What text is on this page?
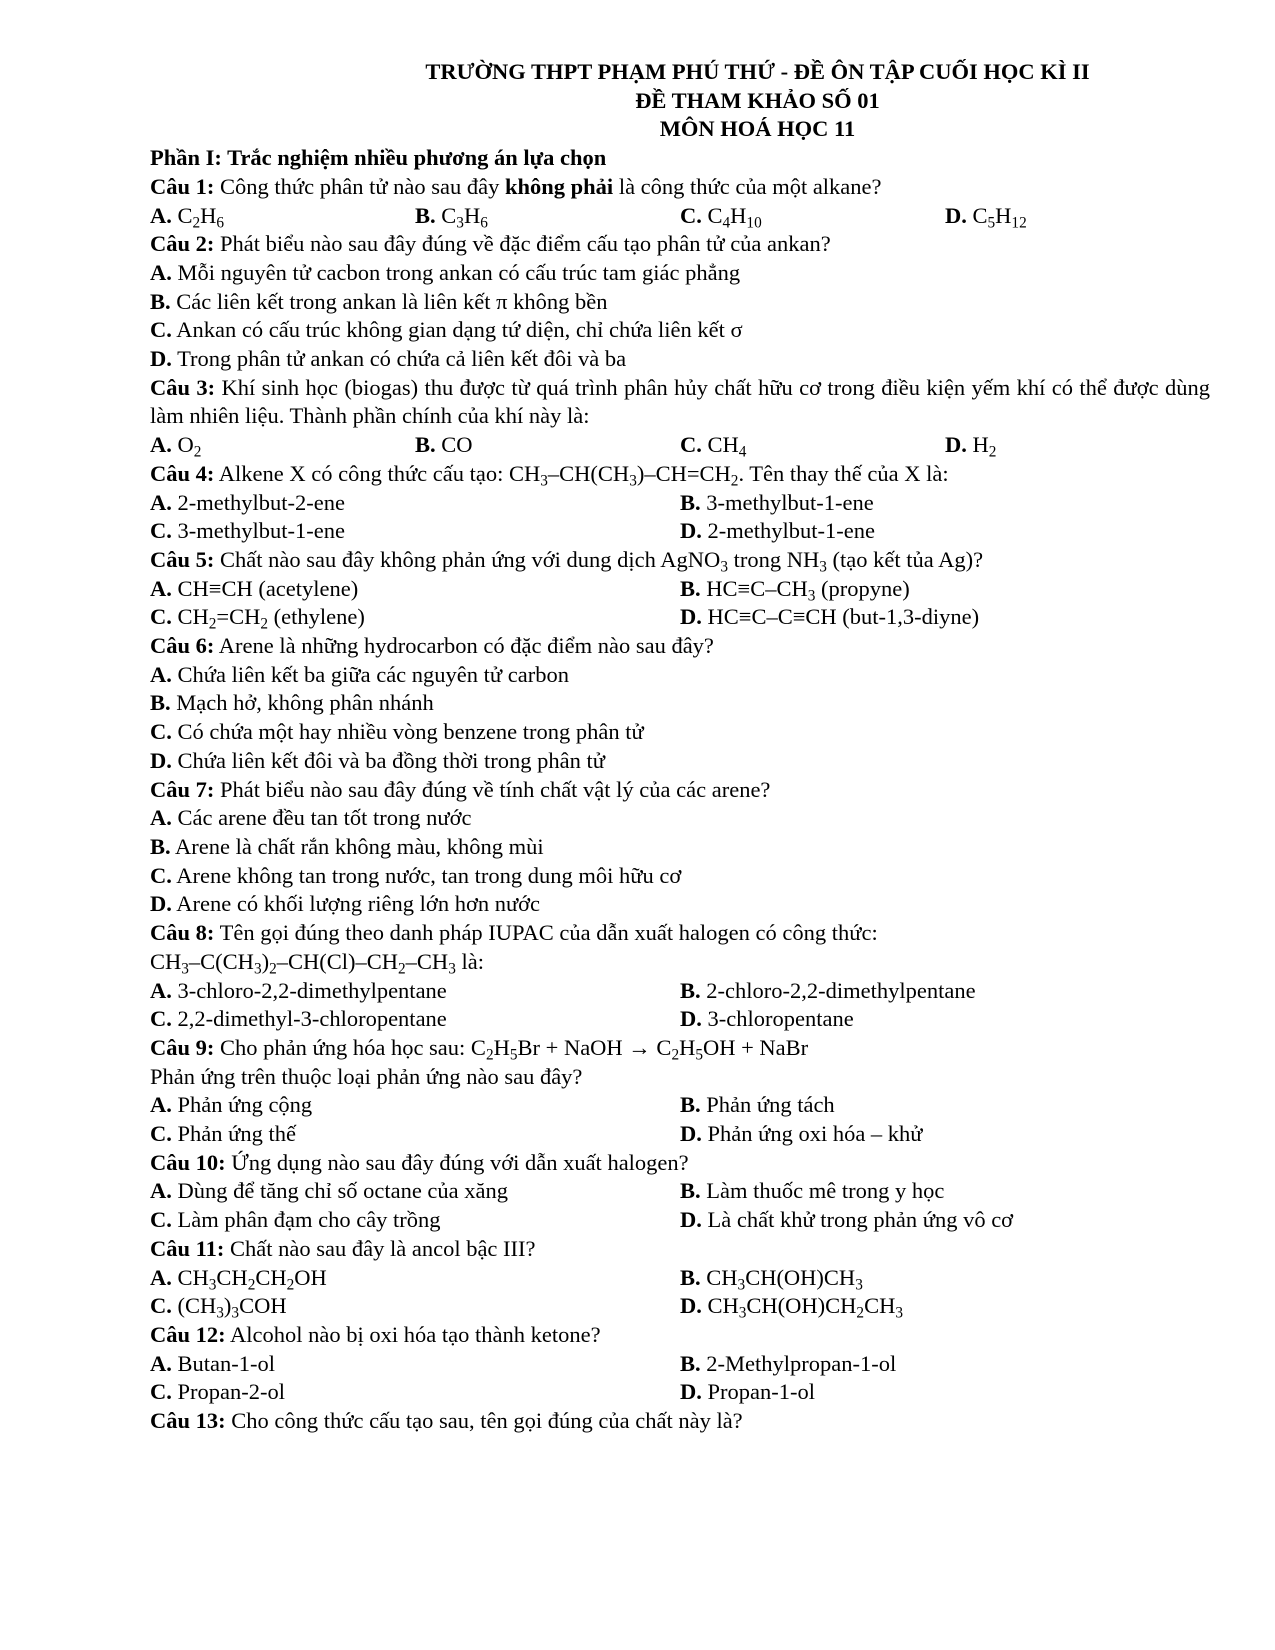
TRƯỜNG THPT PHẠM PHÚ THỨ - ĐỀ ÔN TẬP CUỐI HỌC KÌ II
ĐỀ THAM KHẢO SỐ 01
MÔN HOÁ HỌC 11
Phần I: Trắc nghiệm nhiều phương án lựa chọn
Câu 1: Công thức phân tử nào sau đây không phải là công thức của một alkane?
A. $C_2H_6$	B. $C_3H_6$	C. $C_4H_{10}$	D. $C_5H_{12}$
Câu 2: Phát biểu nào sau đây đúng về đặc điểm cấu tạo phân tử của ankan?
A. Mỗi nguyên tử cacbon trong ankan có cấu trúc tam giác phẳng
B. Các liên kết trong ankan là liên kết π không bền
C. Ankan có cấu trúc không gian dạng tứ diện, chỉ chứa liên kết σ
D. Trong phân tử ankan có chứa cả liên kết đôi và ba
Câu 3: Khí sinh học (biogas) thu được từ quá trình phân hủy chất hữu cơ trong điều kiện yếm khí có thể được dùng làm nhiên liệu. Thành phần chính của khí này là:
A. $O_2$	B. CO	C. $CH_4$	D. $H_2$
Câu 4: Alkene X có công thức cấu tạo: $CH_3-CH(CH_3)-CH=CH_2$. Tên thay thế của X là:
A. 2-methylbut-2-ene	B. 3-methylbut-1-ene
C. 3-methylbut-1-ene	D. 2-methylbut-1-ene
Câu 5: Chất nào sau đây không phản ứng với dung dịch AgNO$_3$ trong $NH_3$ (tạo kết tủa Ag)?
A. CH≡CH (acetylene)	B. $HC\equiv C-CH_3$ (propyne)
C. $CH_2=CH_2$ (ethylene)	D. HC≡C–C≡CH (but-1,3-diyne)
Câu 6: Arene là những hydrocarbon có đặc điểm nào sau đây?
A. Chứa liên kết ba giữa các nguyên tử carbon
B. Mạch hở, không phân nhánh
C. Có chứa một hay nhiều vòng benzene trong phân tử
D. Chứa liên kết đôi và ba đồng thời trong phân tử
Câu 7: Phát biểu nào sau đây đúng về tính chất vật lý của các arene?
A. Các arene đều tan tốt trong nước
B. Arene là chất rắn không màu, không mùi
C. Arene không tan trong nước, tan trong dung môi hữu cơ
D. Arene có khối lượng riêng lớn hơn nước
Câu 8: Tên gọi đúng theo danh pháp IUPAC của dẫn xuất halogen có công thức:
$CH_3-C(CH_3)_2-CH(Cl)-CH_2-CH_3$ là:
A. 3-chloro-2,2-dimethylpentane	B. 2-chloro-2,2-dimethylpentane
C. 2,2-dimethyl-3-chloropentane	D. 3-chloropentane
Câu 9: Cho phản ứng hóa học sau: $C_2H_5Br$ + NaOH → $C_2H_5OH$ + NaBr
Phản ứng trên thuộc loại phản ứng nào sau đây?
A. Phản ứng cộng	B. Phản ứng tách
C. Phản ứng thế	D. Phản ứng oxi hóa – khử
Câu 10: Ứng dụng nào sau đây đúng với dẫn xuất halogen?
A. Dùng để tăng chỉ số octane của xăng	B. Làm thuốc mê trong y học
C. Làm phân đạm cho cây trồng	D. Là chất khử trong phản ứng vô cơ
Câu 11: Chất nào sau đây là ancol bậc III?
A. $CH_3CH_2CH_2OH$	B. $CH_3CH(OH)CH_3$
C. $(CH_3)_3COH$	D. $CH_3CH(OH)CH_2CH_3$
Câu 12: Alcohol nào bị oxi hóa tạo thành ketone?
A. Butan-1-ol	B. 2-Methylpropan-1-ol
C. Propan-2-ol	D. Propan-1-ol
Câu 13: Cho công thức cấu tạo sau, tên gọi đúng của chất này là?
